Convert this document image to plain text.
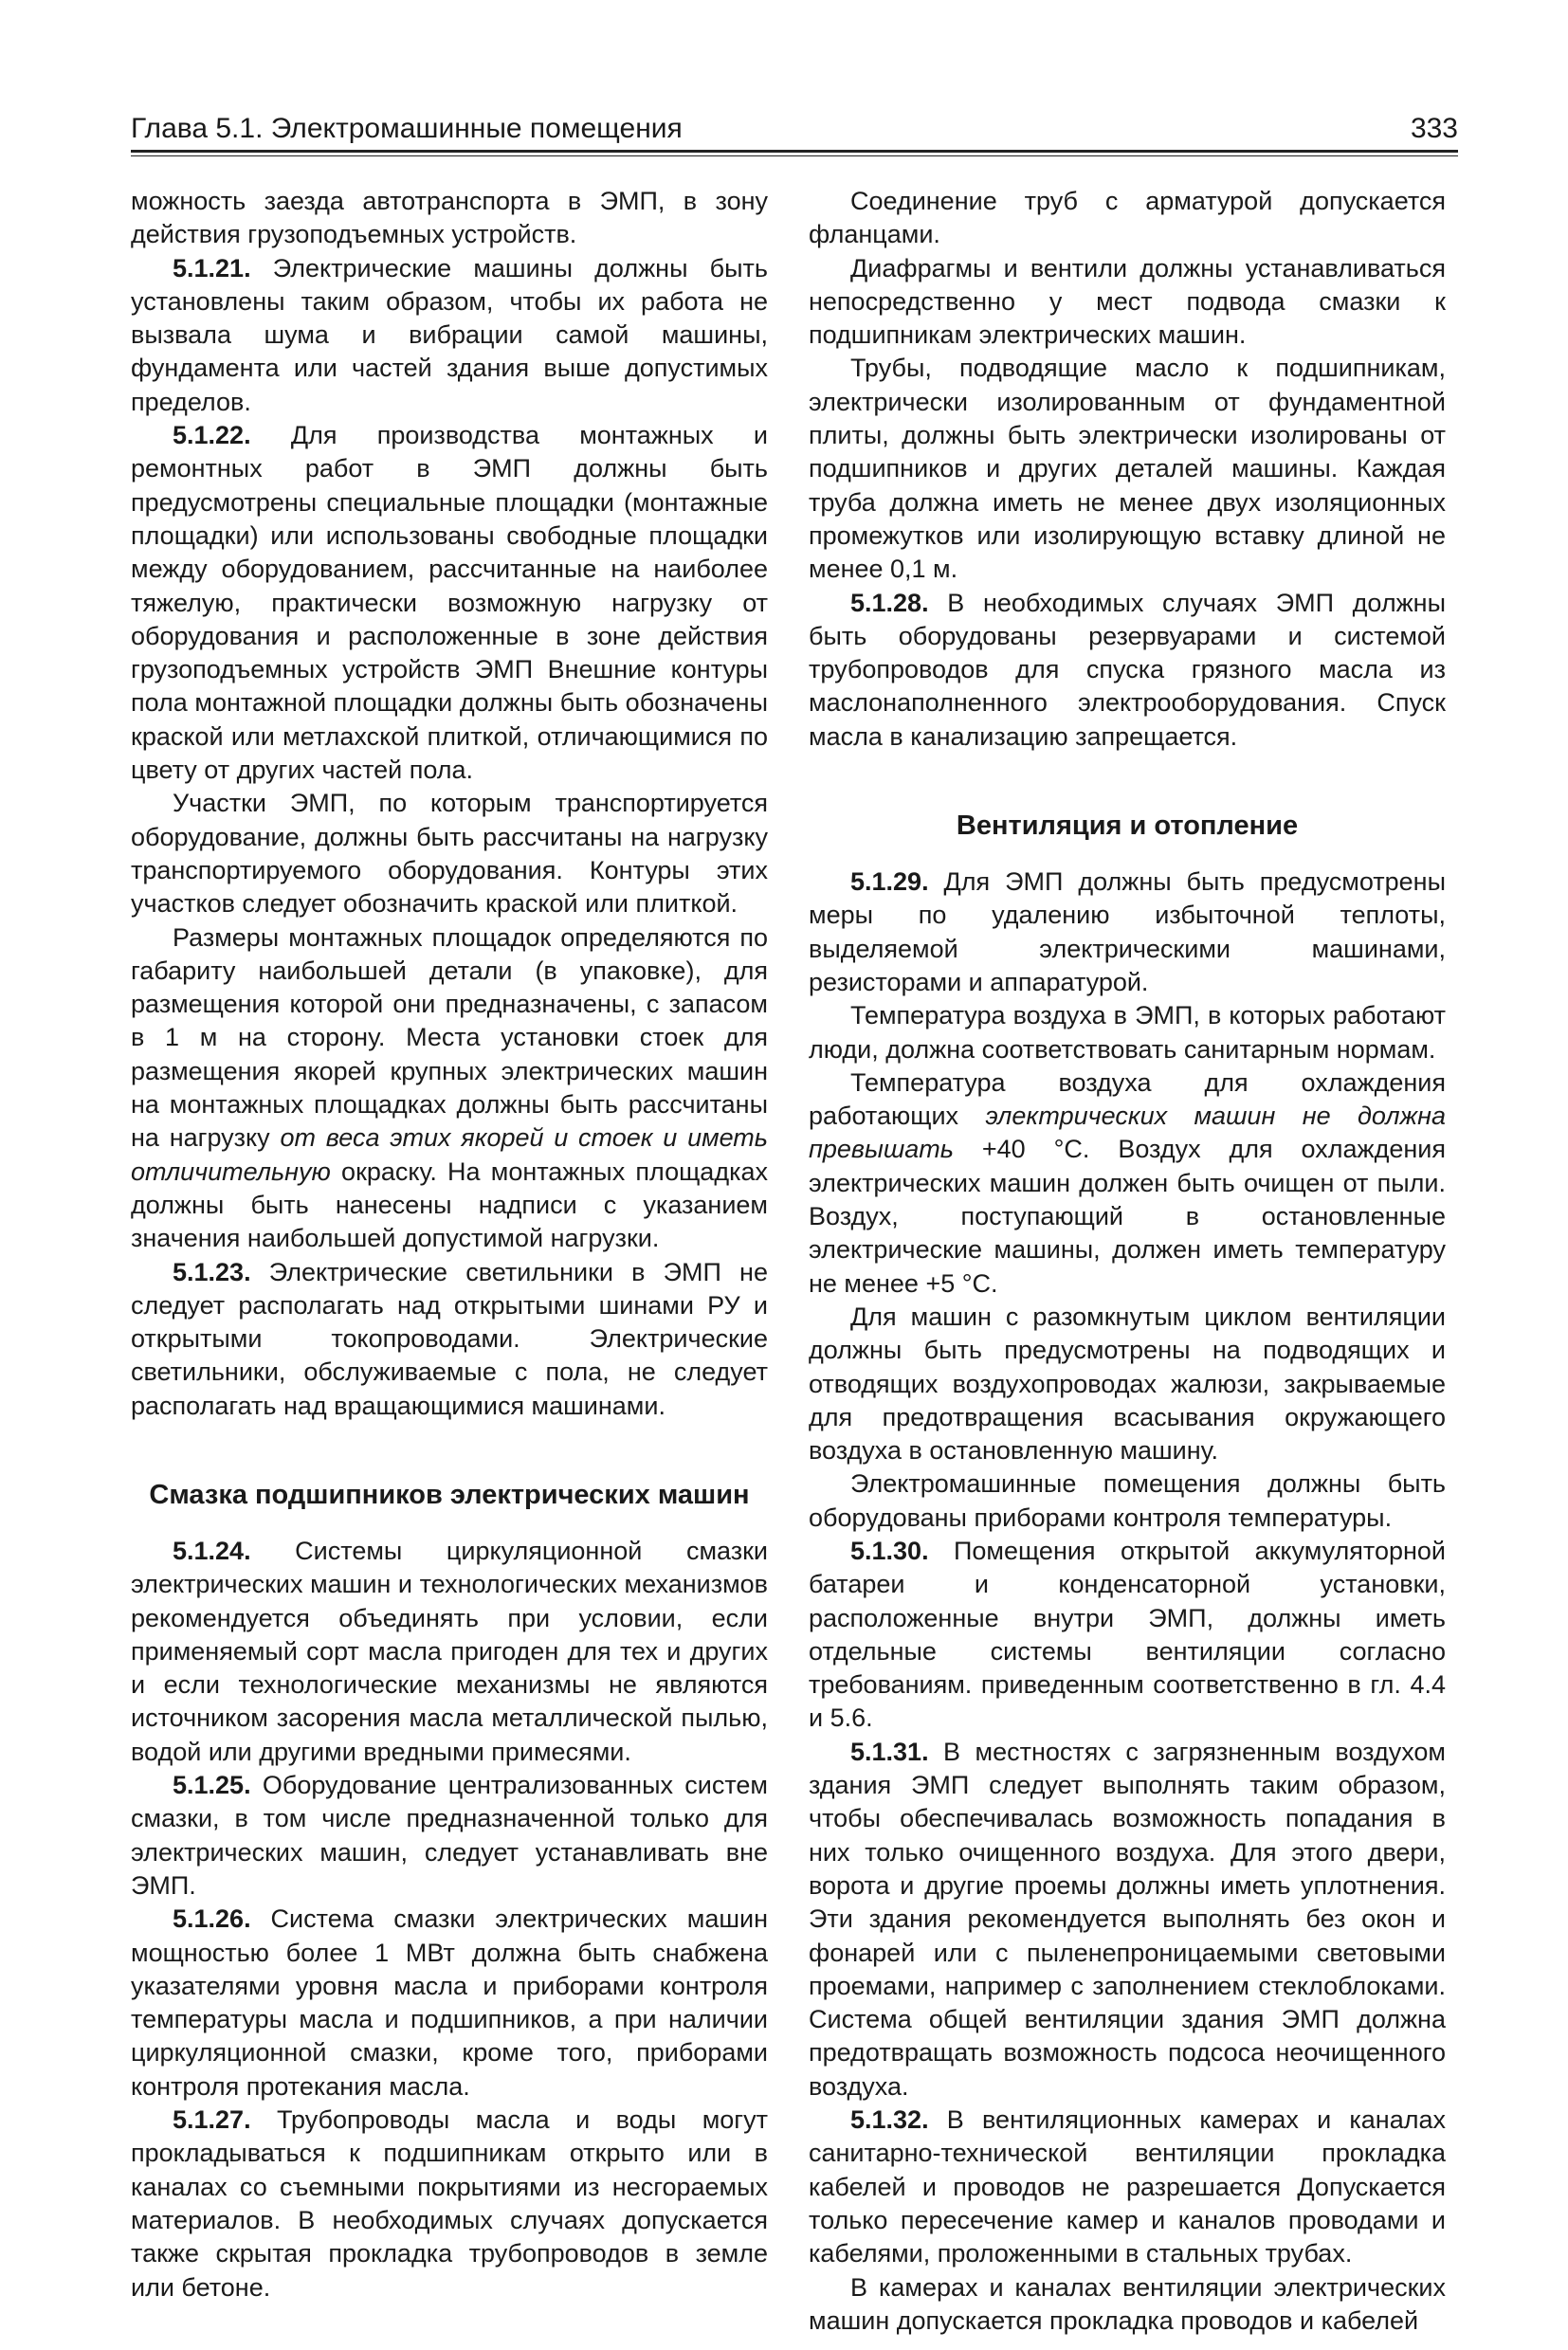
Глава 5.1. Электромашинные помещения	333

можность заезда автотранспорта в ЭМП, в зону действия грузоподъемных устройств.

5.1.21. Электрические машины должны быть установлены таким образом, чтобы их работа не вызвала шума и вибрации самой машины, фундамента или частей здания выше допустимых пределов.

5.1.22. Для производства монтажных и ремонтных работ в ЭМП должны быть предусмотрены специальные площадки (монтажные площадки) или использованы свободные площадки между оборудованием, рассчитанные на наиболее тяжелую, практически возможную нагрузку от оборудования и расположенные в зоне действия грузоподъемных устройств ЭМП Внешние контуры пола монтажной площадки должны быть обозначены краской или метлахской плиткой, отличающимися по цвету от других частей пола.

Участки ЭМП, по которым транспортируется оборудование, должны быть рассчитаны на нагрузку транспортируемого оборудования. Контуры этих участков следует обозначить краской или плиткой.

Размеры монтажных площадок определяются по габариту наибольшей детали (в упаковке), для размещения которой они предназначены, с запасом в 1 м на сторону. Места установки стоек для размещения якорей крупных электрических машин на монтажных площадках должны быть рассчитаны на нагрузку от веса этих якорей и стоек и иметь отличительную окраску. На монтажных площадках должны быть нанесены надписи с указанием значения наибольшей допустимой нагрузки.

5.1.23. Электрические светильники в ЭМП не следует располагать над открытыми шинами РУ и открытыми токопроводами. Электрические светильники, обслуживаемые с пола, не следует располагать над вращающимися машинами.

Смазка подшипников электрических машин

5.1.24. Системы циркуляционной смазки электрических машин и технологических механизмов рекомендуется объединять при условии, если применяемый сорт масла пригоден для тех и других и если технологические механизмы не являются источником засорения масла металлической пылью, водой или другими вредными примесями.

5.1.25. Оборудование централизованных систем смазки, в том числе предназначенной только для электрических машин, следует устанавливать вне ЭМП.

5.1.26. Система смазки электрических машин мощностью более 1 МВт должна быть снабжена указателями уровня масла и приборами контроля температуры масла и подшипников, а при наличии циркуляционной смазки, кроме того, приборами контроля протекания масла.

5.1.27. Трубопроводы масла и воды могут прокладываться к подшипникам открыто или в каналах со съемными покрытиями из несгораемых материалов. В необходимых случаях допускается также скрытая прокладка трубопроводов в земле или бетоне.

Соединение труб с арматурой допускается фланцами.

Диафрагмы и вентили должны устанавливаться непосредственно у мест подвода смазки к подшипникам электрических машин.

Трубы, подводящие масло к подшипникам, электрически изолированным от фундаментной плиты, должны быть электрически изолированы от подшипников и других деталей машины. Каждая труба должна иметь не менее двух изоляционных промежутков или изолирующую вставку длиной не менее 0,1 м.

5.1.28. В необходимых случаях ЭМП должны быть оборудованы резервуарами и системой трубопроводов для спуска грязного масла из маслонаполненного электрооборудования. Спуск масла в канализацию запрещается.

Вентиляция и отопление

5.1.29. Для ЭМП должны быть предусмотрены меры по удалению избыточной теплоты, выделяемой электрическими машинами, резисторами и аппаратурой.

Температура воздуха в ЭМП, в которых работают люди, должна соответствовать санитарным нормам.

Температура воздуха для охлаждения работающих электрических машин не должна превышать +40 °С. Воздух для охлаждения электрических машин должен быть очищен от пыли. Воздух, поступающий в остановленные электрические машины, должен иметь температуру не менее +5 °С.

Для машин с разомкнутым циклом вентиляции должны быть предусмотрены на подводящих и отводящих воздухопроводах жалюзи, закрываемые для предотвращения всасывания окружающего воздуха в остановленную машину.

Электромашинные помещения должны быть оборудованы приборами контроля температуры.

5.1.30. Помещения открытой аккумуляторной батареи и конденсаторной установки, расположенные внутри ЭМП, должны иметь отдельные системы вентиляции согласно требованиям. приведенным соответственно в гл. 4.4 и 5.6.

5.1.31. В местностях с загрязненным воздухом здания ЭМП следует выполнять таким образом, чтобы обеспечивалась возможность попадания в них только очищенного воздуха. Для этого двери, ворота и другие проемы должны иметь уплотнения. Эти здания рекомендуется выполнять без окон и фонарей или с пыленепроницаемыми световыми проемами, например с заполнением стеклоблоками. Система общей вентиляции здания ЭМП должна предотвращать возможность подсоса неочищенного воздуха.

5.1.32. В вентиляционных камерах и каналах санитарно-технической вентиляции прокладка кабелей и проводов не разрешается Допускается только пересечение камер и каналов проводами и кабелями, проложенными в стальных трубах.

В камерах и каналах вентиляции электрических машин допускается прокладка проводов и кабелей
